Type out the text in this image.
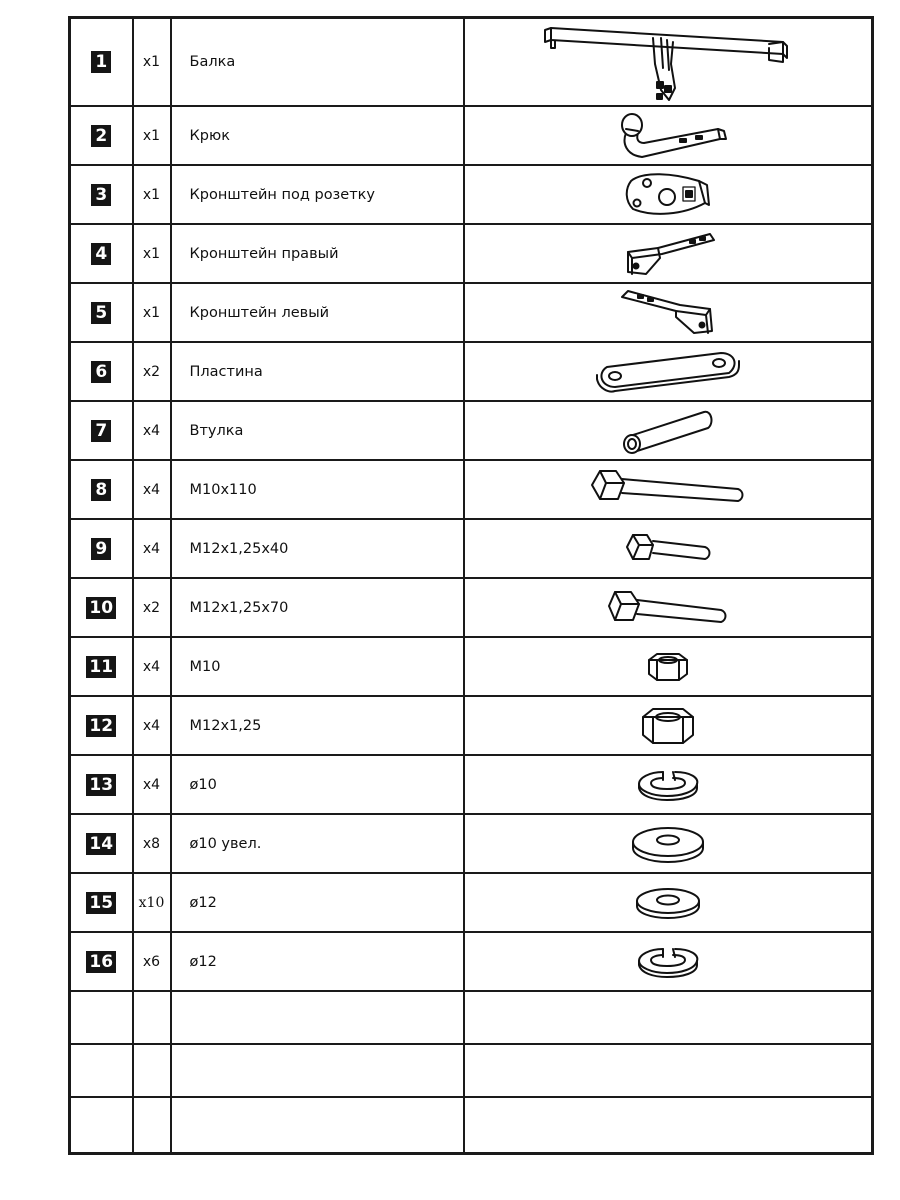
1	x1	Балка	

2	x1	Крюк	

3	x1	Кронштейн под розетку	

4	x1	Кронштейн правый	

5	x1	Кронштейн левый	

6	x2	Пластина	

7	x4	Втулка	

8	x4	M10x110	

9	x4	M12x1,25x40	

10	x2	M12x1,25x70	

11	x4	M10	

12	x4	M12x1,25	

13	x4	ø10	

14	x8	ø10 увел.	

15	x10	ø12	

16	x6	ø12	
